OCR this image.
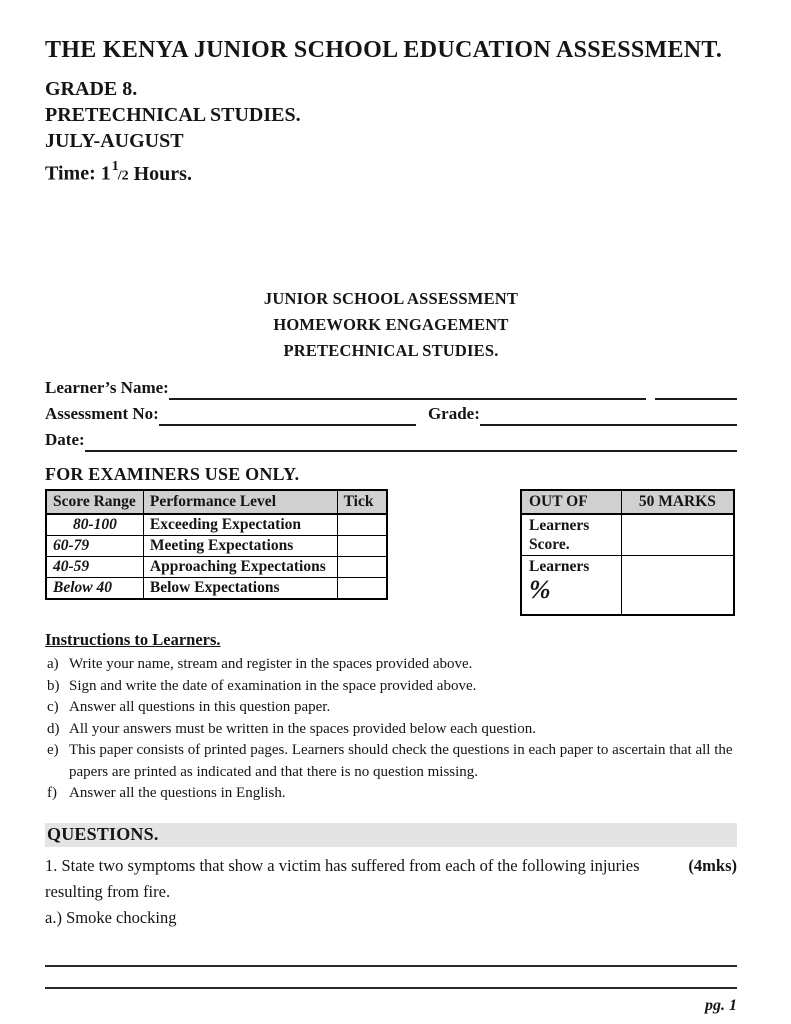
THE KENYA JUNIOR SCHOOL EDUCATION ASSESSMENT.
GRADE 8.
PRETECHNICAL STUDIES.
JULY-AUGUST
Time: $1^1/2$ Hours.
JUNIOR SCHOOL ASSESSMENT
HOMEWORK ENGAGEMENT
PRETECHNICAL STUDIES.
Learner’s Name:
Assessment No:	Grade:
Date:
FOR EXAMINERS USE ONLY.
Score Range	Performance Level	Tick
80-100	Exceeding Expectation	
60-79	Meeting Expectations	
40-59	Approaching Expectations	
Below 40	Below Expectations	
OUT OF	50 MARKS
Learners Score.	

Learners
%	

Instructions to Learners.
a) Write your name, stream and register in the spaces provided above.
b) Sign and write the date of examination in the space provided above.
c) Answer all questions in this question paper.
d) All your answers must be written in the spaces provided below each question.
e) This paper consists of printed pages. Learners should check the questions in each paper to ascertain that all the papers are printed as indicated and that there is no question missing.
f) Answer all the questions in English.
QUESTIONS.
(4mks)
1. State two symptoms that show a victim has suffered from each of the following injuries resulting from fire.
a.) Smoke chocking
pg. 1
